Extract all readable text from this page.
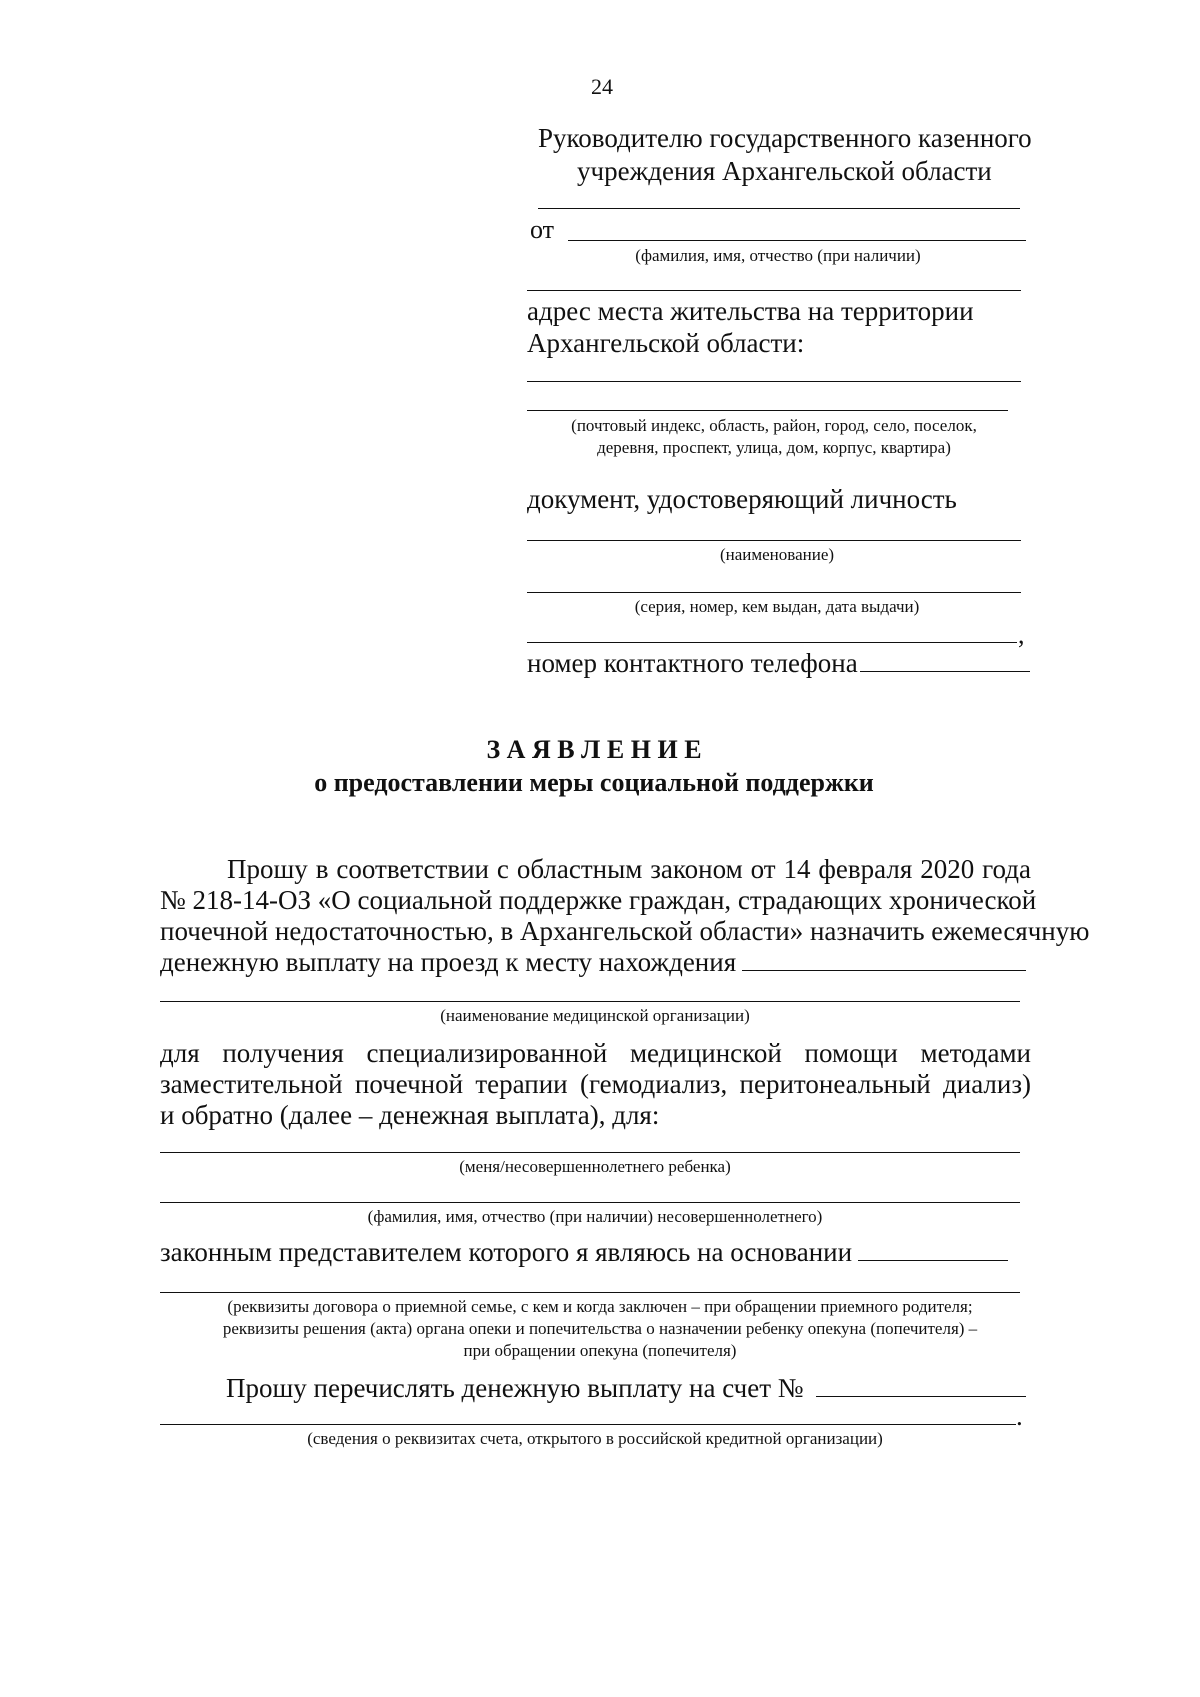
24
Руководителю государственного казенного
учреждения Архангельской области
от
(фамилия, имя, отчество (при наличии)
адрес места жительства на территории
Архангельской области:
(почтовый индекс, область, район, город, село, поселок,
деревня, проспект, улица, дом, корпус, квартира)
документ, удостоверяющий личность
(наименование)
(серия, номер, кем выдан, дата выдачи)
,
номер контактного телефона
З А Я В Л Е Н И Е
о предоставлении меры социальной поддержки
Прошу в соответствии с областным законом от 14 февраля 2020 года
№ 218-14-ОЗ «О социальной поддержке граждан, страдающих хронической
почечной недостаточностью, в Архангельской области» назначить ежемесячную
денежную выплату на проезд к месту нахождения
(наименование медицинской организации)
для получения специализированной медицинской помощи методами
заместительной почечной терапии (гемодиализ, перитонеальный диализ)
и обратно (далее – денежная выплата), для:
(меня/несовершеннолетнего ребенка)
(фамилия, имя, отчество (при наличии) несовершеннолетнего)
законным представителем которого я являюсь на основании
(реквизиты договора о приемной семье, с кем и когда заключен – при обращении приемного родителя;
реквизиты решения (акта) органа опеки и попечительства о назначении ребенку опекуна (попечителя) –
при обращении опекуна (попечителя)
Прошу перечислять денежную выплату на счет №
.
(сведения о реквизитах счета, открытого в российской кредитной организации)
